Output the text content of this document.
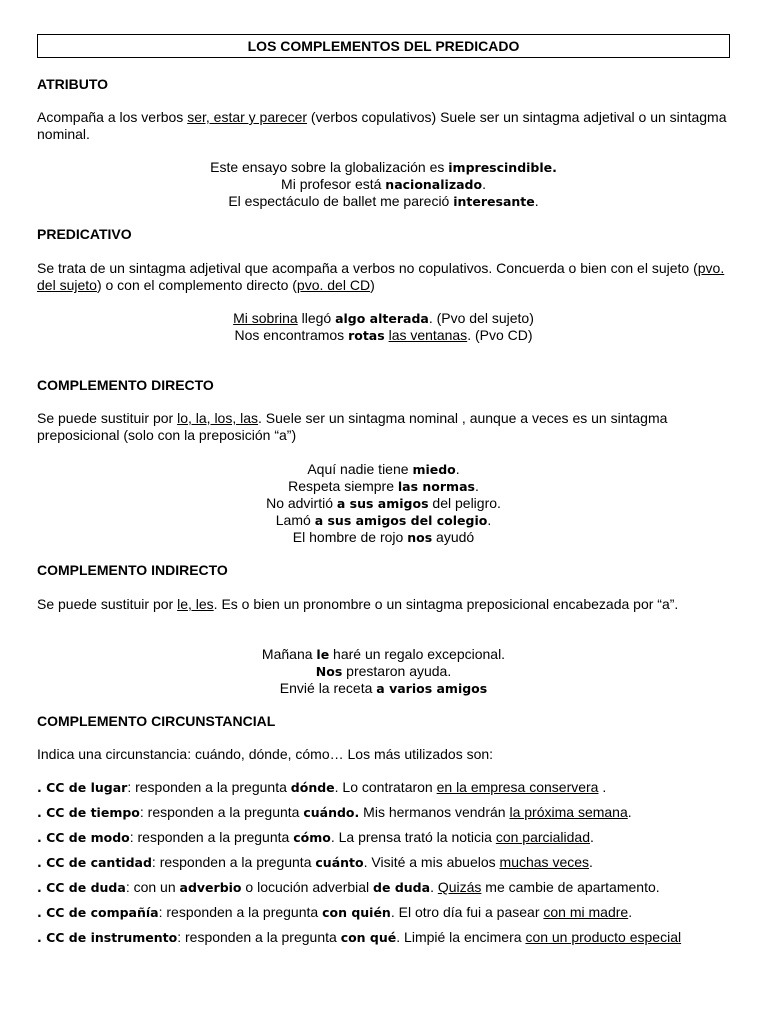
LOS COMPLEMENTOS DEL PREDICADO
ATRIBUTO
Acompaña a los verbos ser, estar y parecer (verbos copulativos) Suele ser un sintagma adjetival o un sintagma nominal.
Este ensayo sobre la globalización es imprescindible.
Mi profesor está nacionalizado.
El espectáculo de ballet me pareció interesante.
PREDICATIVO
Se trata de un sintagma adjetival que acompaña a verbos no copulativos. Concuerda o bien con el sujeto (pvo. del sujeto) o con el complemento directo (pvo. del CD)
Mi sobrina llegó algo alterada. (Pvo del sujeto)
Nos encontramos rotas las ventanas. (Pvo CD)
COMPLEMENTO DIRECTO
Se puede sustituir por lo, la, los, las. Suele ser un sintagma nominal , aunque a veces es un sintagma preposicional (solo con la preposición “a”)
Aquí nadie tiene miedo.
Respeta siempre las normas.
No advirtió a sus amigos del peligro.
Lamó a sus amigos del colegio.
El hombre de rojo nos ayudó
COMPLEMENTO INDIRECTO
Se puede sustituir por le, les. Es o bien un pronombre o un sintagma preposicional encabezada por “a”.
Mañana le haré un regalo excepcional.
Nos prestaron ayuda.
Envié la receta a varios amigos
COMPLEMENTO CIRCUNSTANCIAL
Indica una circunstancia: cuándo, dónde, cómo… Los más utilizados son:
. CC de lugar: responden a la pregunta dónde. Lo contrataron en la empresa conservera .
. CC de tiempo: responden a la pregunta cuándo. Mis hermanos vendrán la próxima semana.
. CC de modo: responden a la pregunta cómo. La prensa trató la noticia con parcialidad.
. CC de cantidad: responden a la pregunta cuánto. Visité a mis abuelos muchas veces.
. CC de duda: con un adverbio o locución adverbial de duda. Quizás me cambie de apartamento.
. CC de compañía: responden a la pregunta con quién. El otro día fui a pasear con mi madre.
. CC de instrumento: responden a la pregunta con qué. Limpié la encimera con un producto especial
